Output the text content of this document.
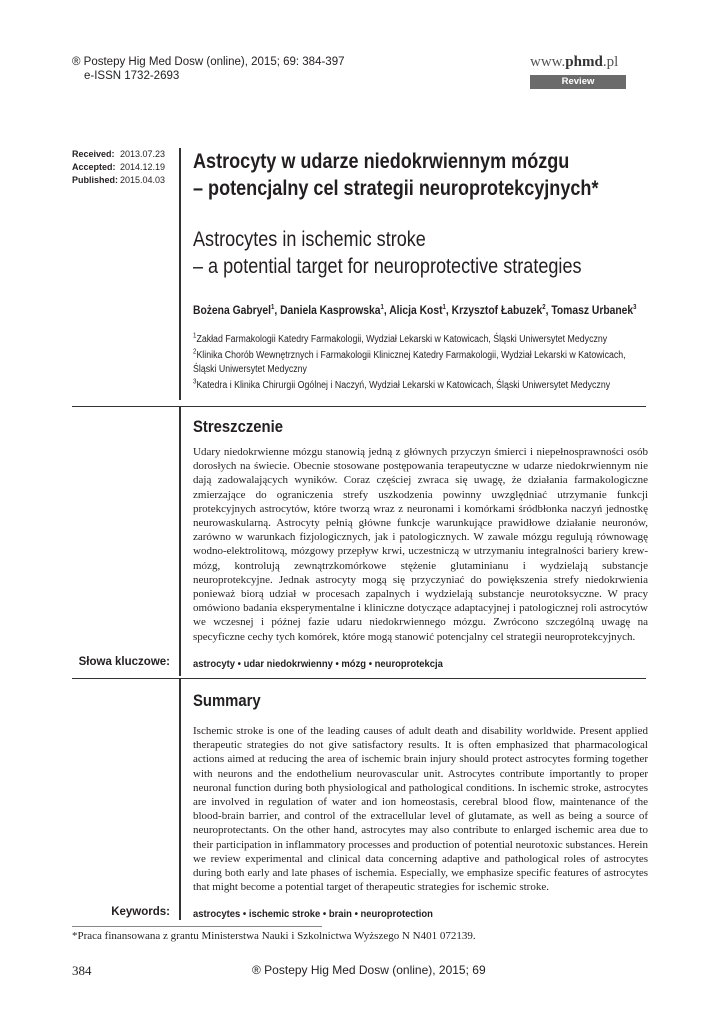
® Postepy Hig Med Dosw (online), 2015; 69: 384-397
e-ISSN 1732-2693
www.phmd.pl
Review
Received: 2013.07.23
Accepted: 2014.12.19
Published: 2015.04.03
Astrocyty w udarze niedokrwiennym mózgu
– potencjalny cel strategii neuroprotekcyjnych*
Astrocytes in ischemic stroke
– a potential target for neuroprotective strategies
Bożena Gabryel$^1$, Daniela Kasprowska$^1$, Alicja Kost$^1$, Krzysztof Łabuzek$^2$, Tomasz Urbanek$^3$
$^1$Zakład Farmakologii Katedry Farmakologii, Wydział Lekarski w Katowicach, Śląski Uniwersytet Medyczny
$^2$Klinika Chorób Wewnętrznych i Farmakologii Klinicznej Katedry Farmakologii, Wydział Lekarski w Katowicach, Śląski Uniwersytet Medyczny
$^3$Katedra i Klinika Chirurgii Ogólnej i Naczyń, Wydział Lekarski w Katowicach, Śląski Uniwersytet Medyczny
Streszczenie
Udary niedokrwienne mózgu stanowią jedną z głównych przyczyn śmierci i niepełnosprawności osób dorosłych na świecie. Obecnie stosowane postępowania terapeutyczne w udarze niedokrwiennym nie dają zadowalających wyników. Coraz częściej zwraca się uwagę, że działania farmakologiczne zmierzające do ograniczenia strefy uszkodzenia powinny uwzględniać utrzymanie funkcji protekcyjnych astrocytów, które tworzą wraz z neuronami i komórkami śródbłonka naczyń jednostkę neurowaskularną. Astrocyty pełnią główne funkcje warunkujące prawidłowe działanie neuronów, zarówno w warunkach fizjologicznych, jak i patologicznych. W zawale mózgu regulują równowagę wodno-elektrolitową, mózgowy przepływ krwi, uczestniczą w utrzymaniu integralności bariery krew-mózg, kontrolują zewnątrzkomórkowe stężenie glutaminianu i wydzielają substancje neuroprotekcyjne. Jednak astrocyty mogą się przyczyniać do powiększenia strefy niedokrwienia ponieważ biorą udział w procesach zapalnych i wydzielają substancje neurotoksyczne. W pracy omówiono badania eksperymentalne i kliniczne dotyczące adaptacyjnej i patologicznej roli astrocytów we wczesnej i późnej fazie udaru niedokrwiennego mózgu. Zwrócono szczególną uwagę na specyficzne cechy tych komórek, które mogą stanowić potencjalny cel strategii neuroprotekcyjnych.
Słowa kluczowe: astrocyty • udar niedokrwienny • mózg • neuroprotekcja
Summary
Ischemic stroke is one of the leading causes of adult death and disability worldwide. Present applied therapeutic strategies do not give satisfactory results. It is often emphasized that pharmacological actions aimed at reducing the area of ischemic brain injury should protect astrocytes forming together with neurons and the endothelium neurovascular unit. Astrocytes contribute importantly to proper neuronal function during both physiological and pathological conditions. In ischemic stroke, astrocytes are involved in regulation of water and ion homeostasis, cerebral blood flow, maintenance of the blood-brain barrier, and control of the extracellular level of glutamate, as well as being a source of neuroprotectants. On the other hand, astrocytes may also contribute to enlarged ischemic area due to their participation in inflammatory processes and production of potential neurotoxic substances. Herein we review experimental and clinical data concerning adaptive and pathological roles of astrocytes during both early and late phases of ischemia. Especially, we emphasize specific features of astrocytes that might become a potential target of therapeutic strategies for ischemic stroke.
Keywords: astrocytes • ischemic stroke • brain • neuroprotection
*Praca finansowana z grantu Ministerstwa Nauki i Szkolnictwa Wyższego N N401 072139.
384	® Postepy Hig Med Dosw (online), 2015; 69
